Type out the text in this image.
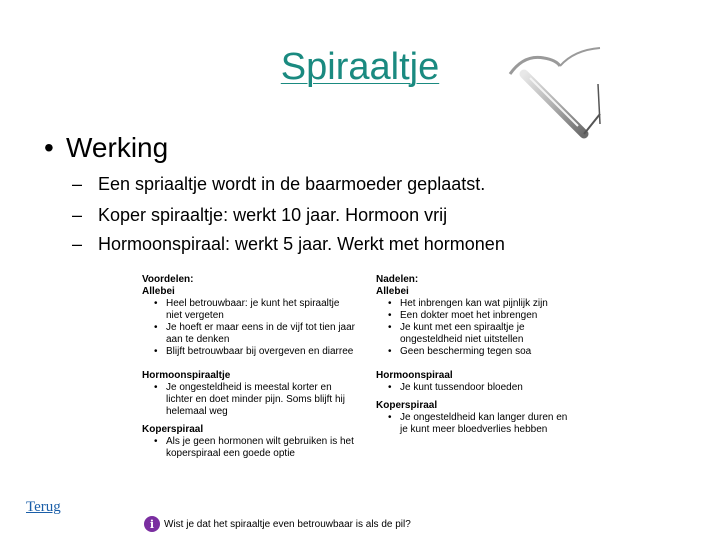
Spiraaltje
• Werking
– Een spriaaltje wordt in de baarmoeder geplaatst.
– Koper spiraaltje: werkt 10 jaar. Hormoon vrij
– Hormoonspiraal: werkt 5 jaar. Werkt met hormonen
Voordelen:
Allebei
• Heel betrouwbaar: je kunt het spiraaltje niet vergeten
• Je hoeft er maar eens in de vijf tot tien jaar aan te denken
• Blijft betrouwbaar bij overgeven en diarree
Hormoonspiraaltje
• Je ongesteldheid is meestal korter en lichter en doet minder pijn. Soms blijft hij helemaal weg
Koperspiraal
• Als je geen hormonen wilt gebruiken is het koperspiraal een goede optie
Nadelen:
Allebei
• Het inbrengen kan wat pijnlijk zijn
• Een dokter moet het inbrengen
• Je kunt met een spiraaltje je ongesteldheid niet uitstellen
• Geen bescherming tegen soa
Hormoonspiraal
• Je kunt tussendoor bloeden
Koperspiraal
• Je ongesteldheid kan langer duren en je kunt meer bloedverlies hebben
Terug
i Wist je dat het spiraaltje even betrouwbaar is als de pil?
